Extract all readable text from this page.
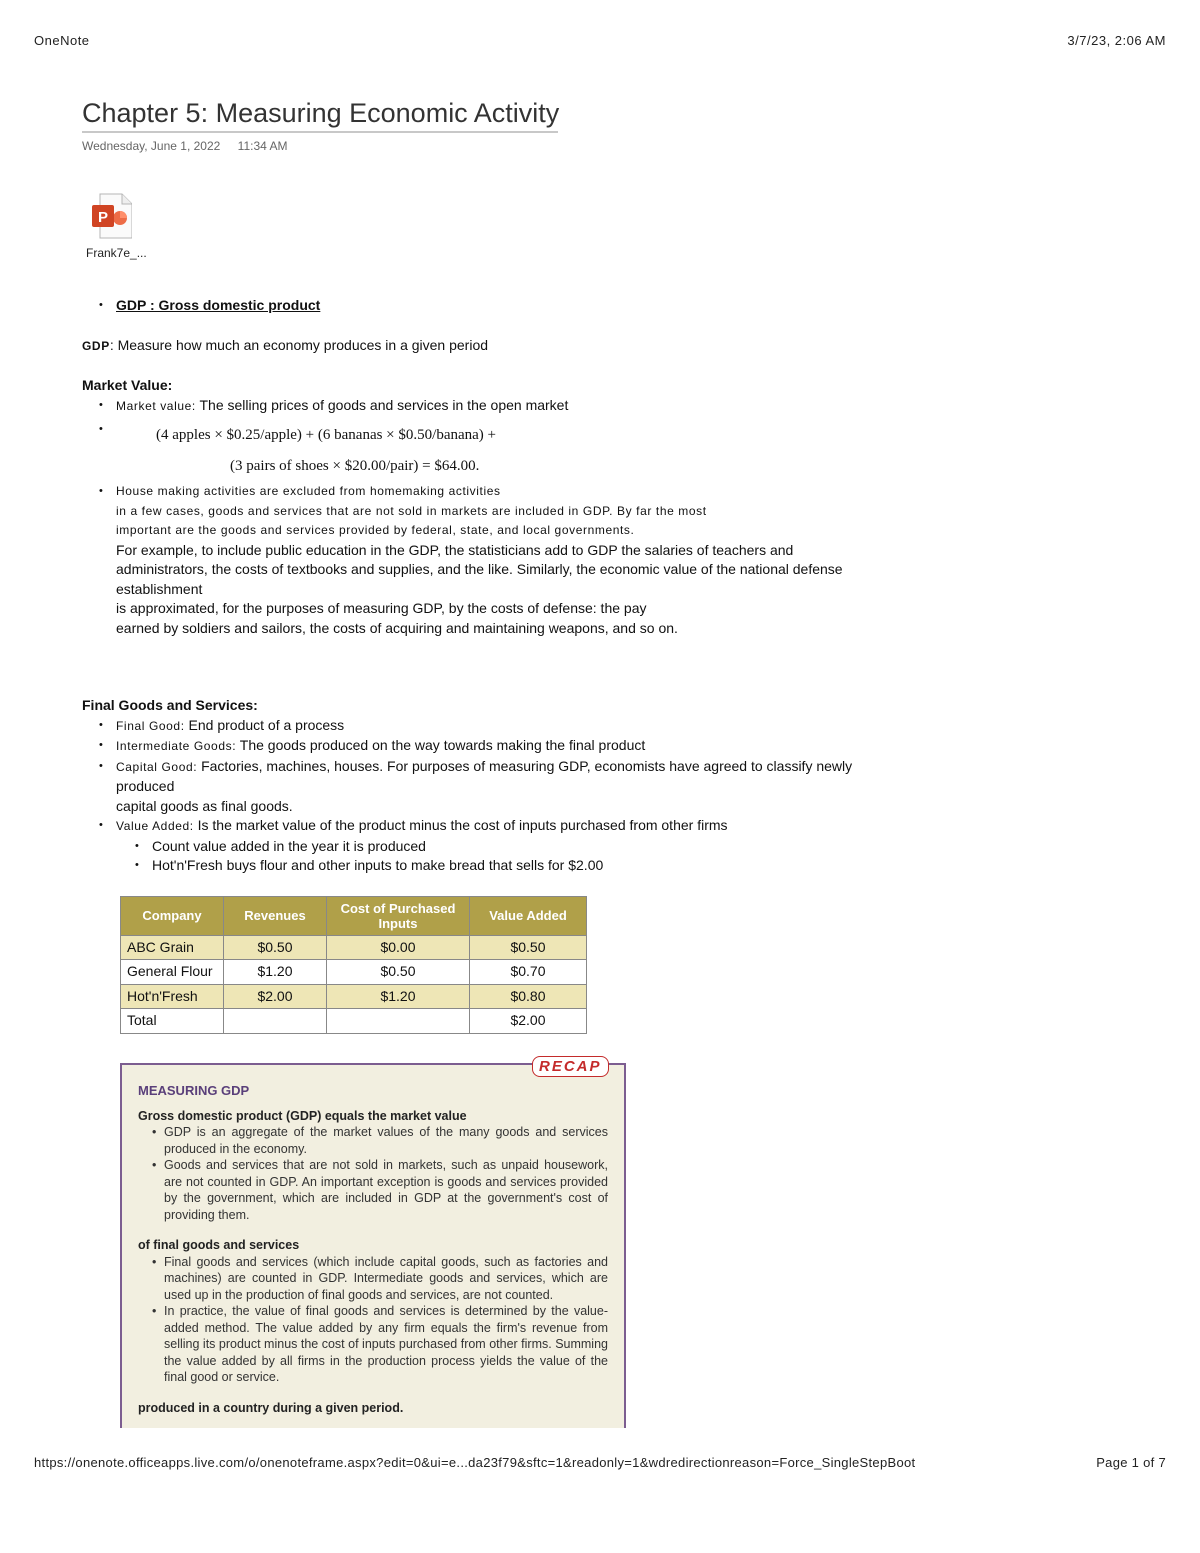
OneNote	3/7/23, 2:06 AM
Chapter 5: Measuring Economic Activity
Wednesday, June 1, 2022 11:34 AM
P
Frank7e_...
• GDP : Gross domestic product
GDP: Measure how much an economy produces in a given period
Market Value:
• Market value: The selling prices of goods and services in the open market
• (4 apples × $0.25/apple) + (6 bananas × $0.50/banana) +
(3 pairs of shoes × $20.00/pair) = $64.00.
• House making activities are excluded from homemaking activities
in a few cases, goods and services that are not sold in markets are included in GDP. By far the most
important are the goods and services provided by federal, state, and local governments.
For example, to include public education in the GDP, the statisticians add to GDP the salaries of teachers and
administrators, the costs of textbooks and supplies, and the like. Similarly, the economic value of the national defense
establishment
is approximated, for the purposes of measuring GDP, by the costs of defense: the pay
earned by soldiers and sailors, the costs of acquiring and maintaining weapons, and so on.
Final Goods and Services:
• Final Good: End product of a process
• Intermediate Goods: The goods produced on the way towards making the final product
• Capital Good: Factories, machines, houses. For purposes of measuring GDP, economists have agreed to classify newly
produced
capital goods as final goods.
• Value Added: Is the market value of the product minus the cost of inputs purchased from other firms
• Count value added in the year it is produced
• Hot'n'Fresh buys flour and other inputs to make bread that sells for $2.00
Company	Revenues	Cost of Purchased Inputs	Value Added
ABC Grain	$0.50	$0.00	$0.50
General Flour	$1.20	$0.50	$0.70
Hot'n'Fresh	$2.00	$1.20	$0.80
Total			$2.00
MEASURING GDP
Gross domestic product (GDP) equals the market value
• GDP is an aggregate of the market values of the many goods and services produced in the economy.
• Goods and services that are not sold in markets, such as unpaid housework, are not counted in GDP. An important exception is goods and services provided by the government, which are included in GDP at the government's cost of providing them.
of final goods and services
• Final goods and services (which include capital goods, such as factories and machines) are counted in GDP. Intermediate goods and services, which are used up in the production of final goods and services, are not counted.
• In practice, the value of final goods and services is determined by the value-added method. The value added by any firm equals the firm's revenue from selling its product minus the cost of inputs purchased from other firms. Summing the value added by all firms in the production process yields the value of the final good or service.
produced in a country during a given period.
RECAP
https://onenote.officeapps.live.com/o/onenoteframe.aspx?edit=0&ui=e...da23f79&sftc=1&readonly=1&wdredirectionreason=Force_SingleStepBoot	Page 1 of 7
